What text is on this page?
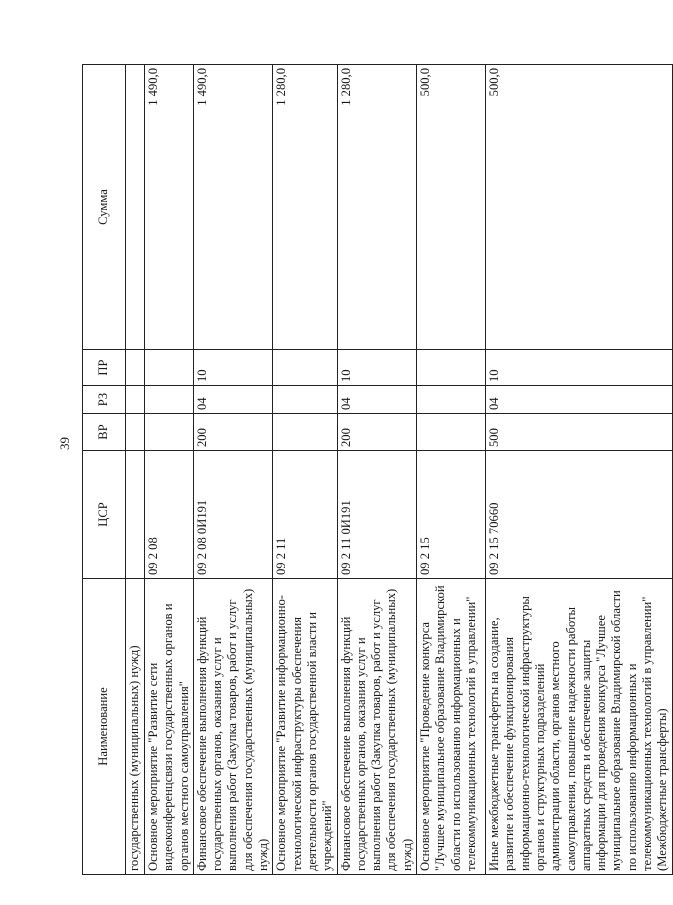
39
Наименование	ЦСР	ВР	РЗ	ПР	Сумма
государственных (муниципальных) нужд)					
Основное мероприятие "Развитие сети видеоконференцсвязи государственных органов и органов местного самоуправления"	09 2 08				1 490,0
Финансовое обеспечение выполнения функций государственных органов, оказания услуг и выполнения работ (Закупка товаров, работ и услуг для обеспечения государственных (муниципальных) нужд)	09 2 08 0И191	200	04	10	1 490,0
Основное мероприятие "Развитие информационно-технологической инфраструктуры обеспечения деятельности органов государственной власти и учреждений"	09 2 11				1 280,0
Финансовое обеспечение выполнения функций государственных органов, оказания услуг и выполнения работ (Закупка товаров, работ и услуг для обеспечения государственных (муниципальных) нужд)	09 2 11 0И191	200	04	10	1 280,0
Основное мероприятие "Проведение конкурса "Лучшее муниципальное образование Владимирской области по использованию информационных и телекоммуникационных технологий в управлении"	09 2 15				500,0
Иные межбюджетные трансферты на создание, развитие и обеспечение функционирования информационно-технологической инфраструктуры органов и структурных подразделений администрации области, органов местного самоуправления, повышение надежности работы аппаратных средств и обеспечение защиты информации для проведения конкурса "Лучшее муниципальное образование Владимирской области по использованию информационных и телекоммуникационных технологий в управлении" (Межбюджетные трансферты)	09 2 15 70660	500	04	10	500,0
